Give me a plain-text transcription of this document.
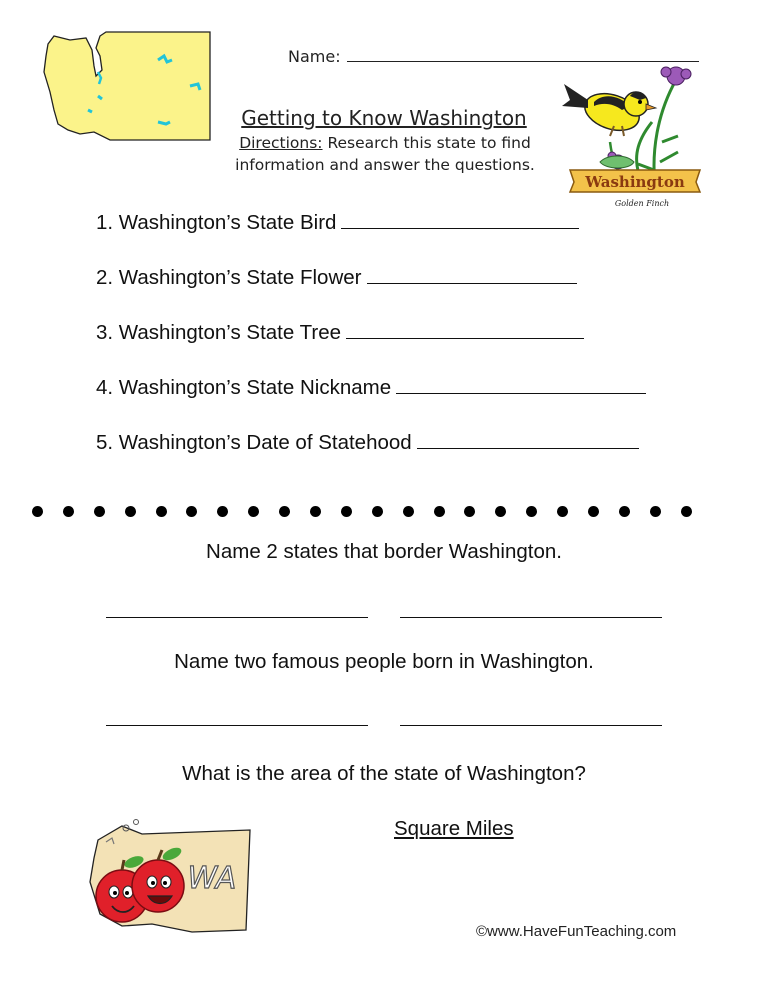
Name:
Getting to Know Washington
Directions: Research this state to find
information and answer the questions.
Washington
Golden Finch
1. Washington’s State Bird
2. Washington’s State Flower
3. Washington’s State Tree
4. Washington’s State Nickname
5. Washington’s Date of Statehood
Name 2 states that border Washington.
Name two famous people born in Washington.
What is the area of the state of Washington?
Square Miles
WA
©www.HaveFunTeaching.com
